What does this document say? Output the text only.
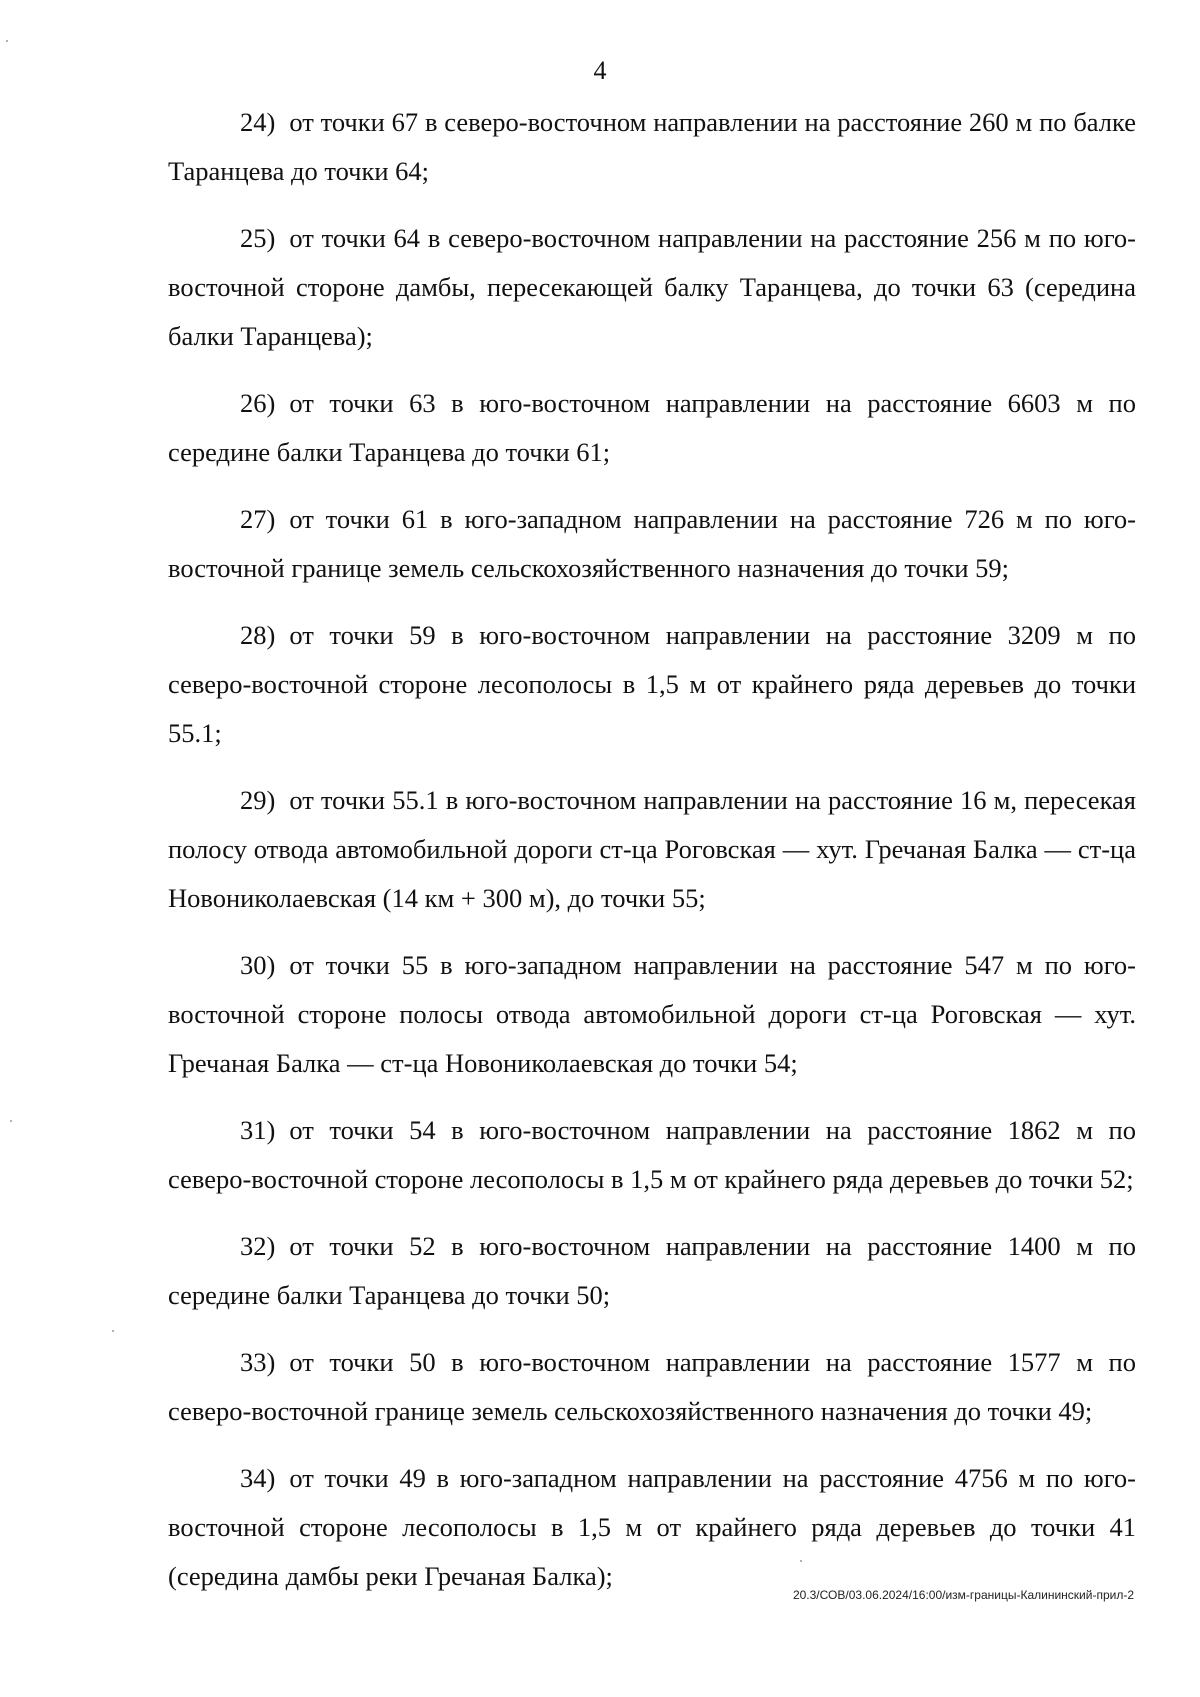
4

24) от точки 67 в северо-восточном направлении на расстояние 260 м по балке Таранцева до точки 64;

25) от точки 64 в северо-восточном направлении на расстояние 256 м по юго-восточной стороне дамбы, пересекающей балку Таранцева, до точки 63 (середина балки Таранцева);

26) от точки 63 в юго-восточном направлении на расстояние 6603 м по середине балки Таранцева до точки 61;

27) от точки 61 в юго-западном направлении на расстояние 726 м по юго-восточной границе земель сельскохозяйственного назначения до точки 59;

28) от точки 59 в юго-восточном направлении на расстояние 3209 м по северо-восточной стороне лесополосы в 1,5 м от крайнего ряда деревьев до точки 55.1;

29) от точки 55.1 в юго-восточном направлении на расстояние 16 м, пересекая полосу отвода автомобильной дороги ст-ца Роговская — хут. Гречаная Балка — ст-ца Новониколаевская (14 км + 300 м), до точки 55;

30) от точки 55 в юго-западном направлении на расстояние 547 м по юго-восточной стороне полосы отвода автомобильной дороги ст-ца Роговская — хут. Гречаная Балка — ст-ца Новониколаевская до точки 54;

31) от точки 54 в юго-восточном направлении на расстояние 1862 м по северо-восточной стороне лесополосы в 1,5 м от крайнего ряда деревьев до точки 52;

32) от точки 52 в юго-восточном направлении на расстояние 1400 м по середине балки Таранцева до точки 50;

33) от точки 50 в юго-восточном направлении на расстояние 1577 м по северо-восточной границе земель сельскохозяйственного назначения до точки 49;

34) от точки 49 в юго-западном направлении на расстояние 4756 м по юго-восточной стороне лесополосы в 1,5 м от крайнего ряда деревьев до точки 41 (середина дамбы реки Гречаная Балка);

20.3/СОВ/03.06.2024/16:00/изм-границы-Калининский-прил-2
